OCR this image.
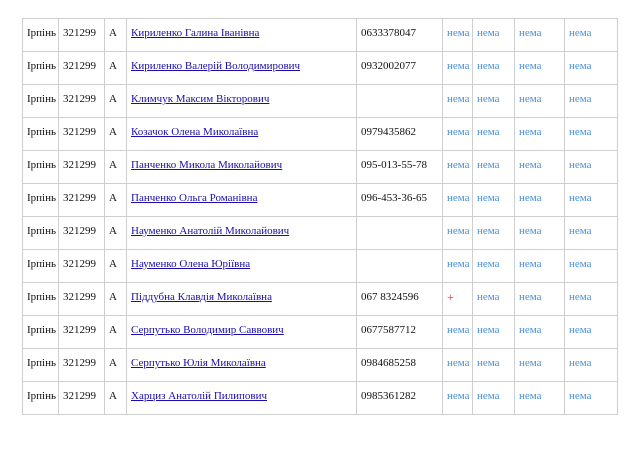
Ірпінь	321299	А	Кириленко Галина Іванівна	0633378047	нема	нема	нема	нема

Ірпінь	321299	А	Кириленко Валерій Володимирович	0932002077	нема	нема	нема	нема

Ірпінь	321299	А	Климчук Максим Вікторович		нема	нема	нема	нема

Ірпінь	321299	А	Козачок Олена Миколаївна	0979435862	нема	нема	нема	нема

Ірпінь	321299	А	Панченко Микола Миколайович	095-013-55-78	нема	нема	нема	нема

Ірпінь	321299	А	Панченко Ольга Романівна	096-453-36-65	нема	нема	нема	нема

Ірпінь	321299	А	Науменко Анатолій Миколайович		нема	нема	нема	нема

Ірпінь	321299	А	Науменко Олена Юріївна		нема	нема	нема	нема

Ірпінь	321299	А	Піддубна Клавдія Миколаївна	067 8324596	+	нема	нема	нема

Ірпінь	321299	А	Серпутько Володимир Саввович	0677587712	нема	нема	нема	нема

Ірпінь	321299	А	Серпутько Юлія Миколаївна	0984685258	нема	нема	нема	нема

Ірпінь	321299	А	Харциз Анатолій Пилипович	0985361282	нема	нема	нема	нема
